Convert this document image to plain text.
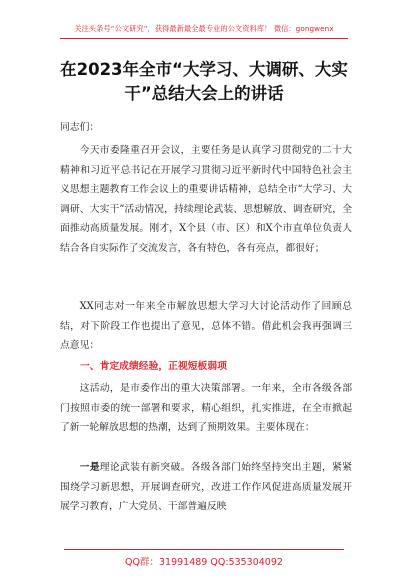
关注头条号“公文研究”，获得最新最全最专业的公文资料库！ 微信：gongwenx
在2023年全市“大学习、大调研、大实
干”总结大会上的讲话
同志们：
今天市委隆重召开会议，主要任务是认真学习贯彻党的二十大精神和习近平总书记在开展学习贯彻习近平新时代中国特色社会主义思想主题教育工作会议上的重要讲话精神，总结全市“大学习、大调研、大实干”活动情况，持续理论武装、思想解放、调查研究，全面推动高质量发展。刚才，X个县（市、区）和X个市直单位负责人结合各自实际作了交流发言，各有特色，各有亮点，都很好；
XX同志对一年来全市解放思想大学习大讨论活动作了回顾总结，对下阶段工作也提出了意见，总体不错。借此机会我再强调三点意见：
一、肯定成绩经验，正视短板弱项
这活动，是市委作出的重大决策部署。一年来，全市各级各部门按照市委的统一部署和要求，精心组织，扎实推进，在全市掀起了新一轮解放思想的热潮，达到了预期效果。主要体现在：
一是理论武装有新突破。各级各部门始终坚持突出主题，紧紧围绕学习新思想，开展调查研究，改进工作作风促进高质量发展开展学习教育，广大党员、干部普遍反映
QQ群：31991489 QQ:535304092
